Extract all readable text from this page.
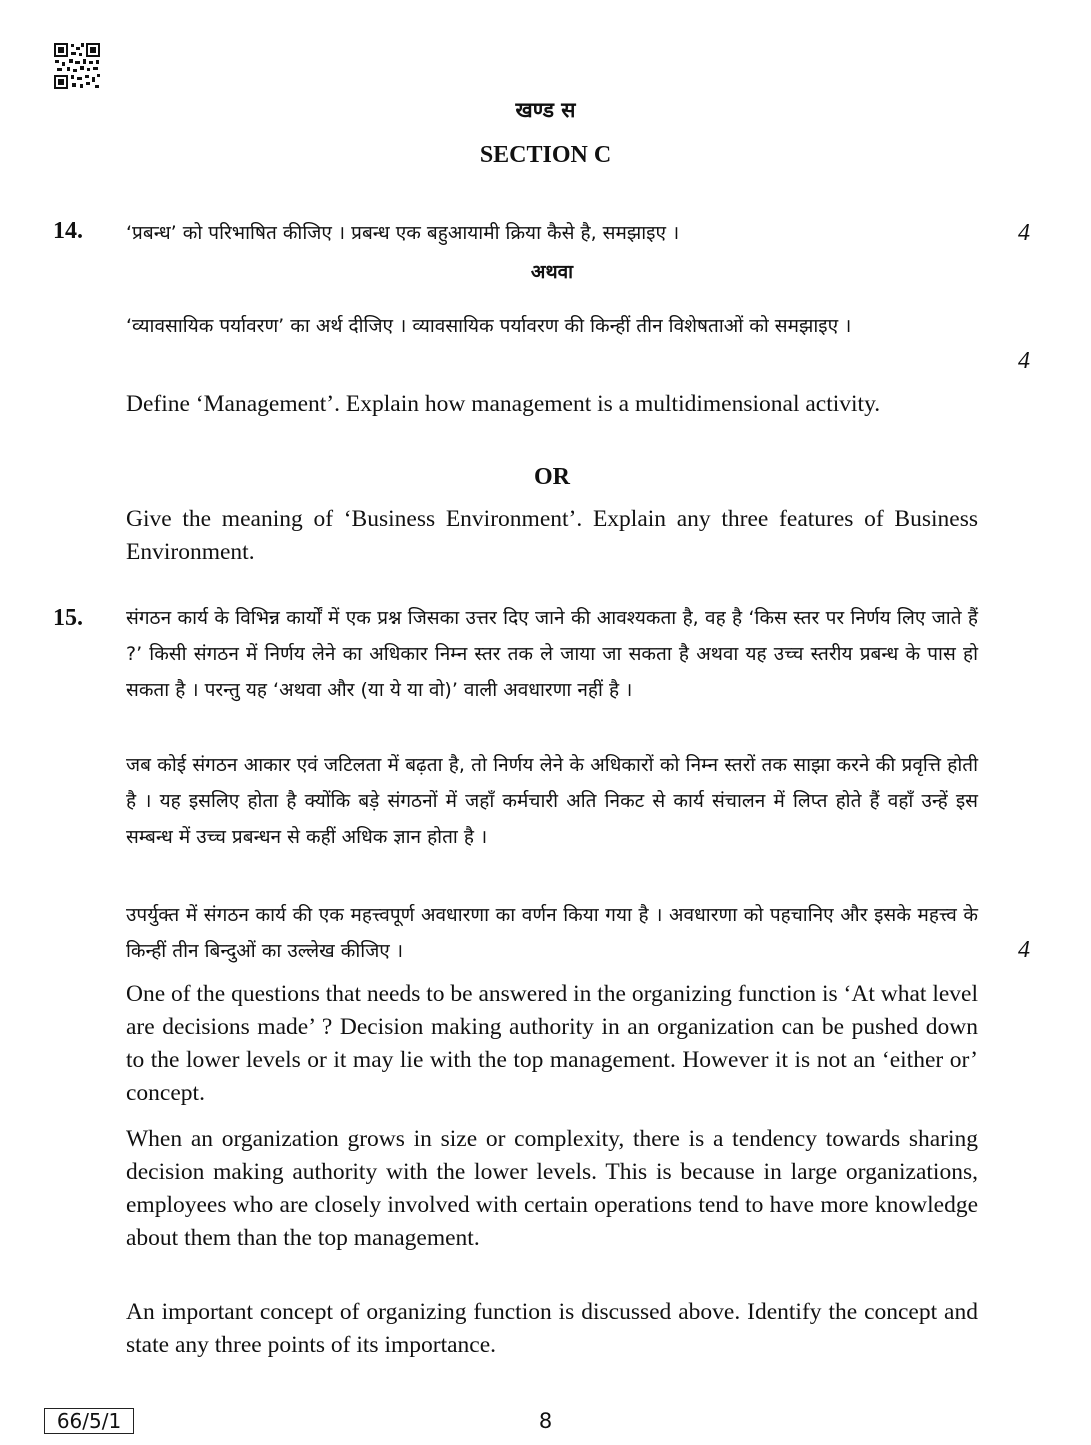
खण्ड स
SECTION C
14. ‘प्रबन्ध’ को परिभाषित कीजिए । प्रबन्ध एक बहुआयामी क्रिया कैसे है, समझाइए ।	4
अथवा

‘व्यावसायिक पर्यावरण’ का अर्थ दीजिए । व्यावसायिक पर्यावरण की किन्हीं तीन विशेषताओं को समझाइए ।

4

Define ‘Management’. Explain how management is a multidimensional activity.

OR

Give the meaning of ‘Business Environment’. Explain any three features of Business Environment.

15. संगठन कार्य के विभिन्न कार्यों में एक प्रश्न जिसका उत्तर दिए जाने की आवश्यकता है, वह है ‘किस स्तर पर निर्णय लिए जाते हैं ?’ किसी संगठन में निर्णय लेने का अधिकार निम्न स्तर तक ले जाया जा सकता है अथवा यह उच्च स्तरीय प्रबन्ध के पास हो सकता है । परन्तु यह ‘अथवा और (या ये या वो)’ वाली अवधारणा नहीं है ।

जब कोई संगठन आकार एवं जटिलता में बढ़ता है, तो निर्णय लेने के अधिकारों को निम्न स्तरों तक साझा करने की प्रवृत्ति होती है । यह इसलिए होता है क्योंकि बड़े संगठनों में जहाँ कर्मचारी अति निकट से कार्य संचालन में लिप्त होते हैं वहाँ उन्हें इस सम्बन्ध में उच्च प्रबन्धन से कहीं अधिक ज्ञान होता है ।

उपर्युक्त में संगठन कार्य की एक महत्त्वपूर्ण अवधारणा का वर्णन किया गया है । अवधारणा को पहचानिए और इसके महत्त्व के किन्हीं तीन बिन्दुओं का उल्लेख कीजिए ।	4

One of the questions that needs to be answered in the organizing function is ‘At what level are decisions made’ ? Decision making authority in an organization can be pushed down to the lower levels or it may lie with the top management. However it is not an ‘either or’ concept.

When an organization grows in size or complexity, there is a tendency towards sharing decision making authority with the lower levels. This is because in large organizations, employees who are closely involved with certain operations tend to have more knowledge about them than the top management.

An important concept of organizing function is discussed above. Identify the concept and state any three points of its importance.

66/5/1	8
